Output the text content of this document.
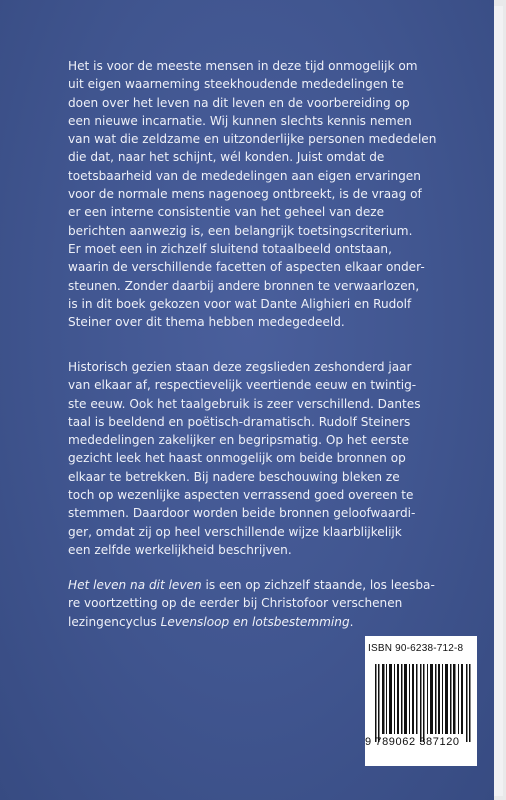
Het is voor de meeste mensen in deze tijd onmogelijk om

uit eigen waarneming steekhoudende mededelingen te

doen over het leven na dit leven en de voorbereiding op

een nieuwe incarnatie. Wij kunnen slechts kennis nemen

van wat die zeldzame en uitzonderlijke personen mededelen die dat, naar het schijnt, wél konden. Juist omdat de

toetsbaarheid van de mededelingen aan eigen ervaringen

voor de normale mens nagenoeg ontbreekt, is de vraag of

er een interne consistentie van het geheel van deze

berichten aanwezig is, een belangrijk toetsingscriterium.

Er moet een in zichzelf sluitend totaalbeeld ontstaan,

waarin de verschillende facetten of aspecten elkaar onder-

steunen. Zonder daarbij andere bronnen te verwaarlozen,

is in dit boek gekozen voor wat Dante Alighieri en Rudolf

Steiner over dit thema hebben medegedeeld.

Historisch gezien staan deze zegslieden zeshonderd jaar

van elkaar af, respectievelijk veertiende eeuw en twintig-

ste eeuw. Ook het taalgebruik is zeer verschillend. Dantes

taal is beeldend en poëtisch-dramatisch. Rudolf Steiners

mededelingen zakelijker en begripsmatig. Op het eerste

gezicht leek het haast onmogelijk om beide bronnen op

elkaar te betrekken. Bij nadere beschouwing bleken ze

toch op wezenlijke aspecten verrassend goed overeen te

stemmen. Daardoor worden beide bronnen geloofwaardi-

ger, omdat zij op heel verschillende wijze klaarblijkelijk

een zelfde werkelijkheid beschrijven.

Het leven na dit leven is een op zichzelf staande, los leesba-

re voortzetting op de eerder bij Christofoor verschenen

lezingencyclus Levensloop en lotsbestemming.

ISBN 90-6238-712-8
9 789062 387120
